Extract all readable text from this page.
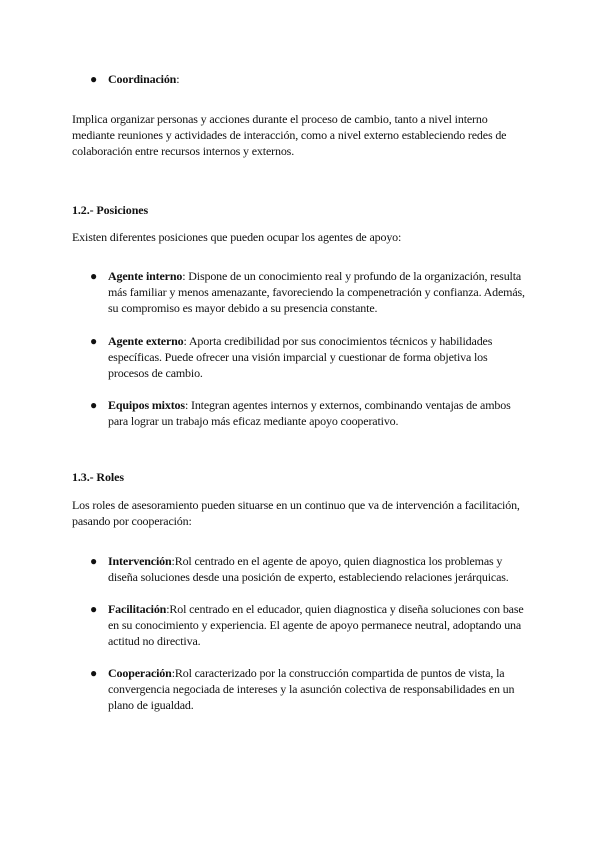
● Coordinación:

Implica organizar personas y acciones durante el proceso de cambio, tanto a nivel interno mediante reuniones y actividades de interacción, como a nivel externo estableciendo redes de colaboración entre recursos internos y externos.

1.2.- Posiciones

Existen diferentes posiciones que pueden ocupar los agentes de apoyo:

● Agente interno: Dispone de un conocimiento real y profundo de la organización, resulta más familiar y menos amenazante, favoreciendo la compenetración y confianza. Además, su compromiso es mayor debido a su presencia constante.

● Agente externo: Aporta credibilidad por sus conocimientos técnicos y habilidades específicas. Puede ofrecer una visión imparcial y cuestionar de forma objetiva los procesos de cambio.

● Equipos mixtos: Integran agentes internos y externos, combinando ventajas de ambos para lograr un trabajo más eficaz mediante apoyo cooperativo.

1.3.- Roles

Los roles de asesoramiento pueden situarse en un continuo que va de intervención a facilitación, pasando por cooperación:

● Intervención:Rol centrado en el agente de apoyo, quien diagnostica los problemas y diseña soluciones desde una posición de experto, estableciendo relaciones jerárquicas.

● Facilitación:Rol centrado en el educador, quien diagnostica y diseña soluciones con base en su conocimiento y experiencia. El agente de apoyo permanece neutral, adoptando una actitud no directiva.

● Cooperación:Rol caracterizado por la construcción compartida de puntos de vista, la convergencia negociada de intereses y la asunción colectiva de responsabilidades en un plano de igualdad.
